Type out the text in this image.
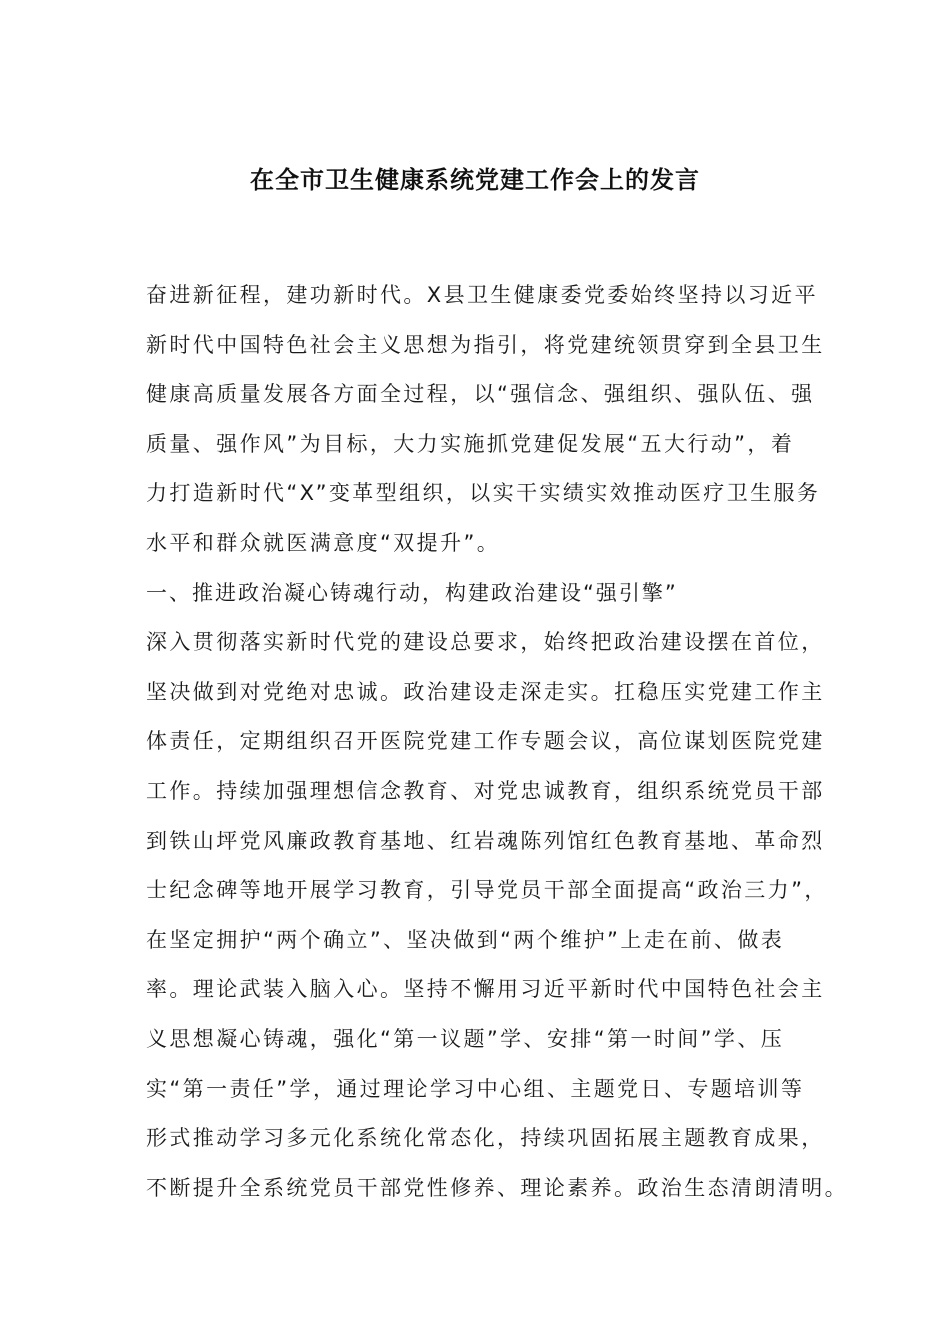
在全市卫生健康系统党建工作会上的发言
奋进新征程，建功新时代。X县卫生健康委党委始终坚持以习近平
新时代中国特色社会主义思想为指引，将党建统领贯穿到全县卫生
健康高质量发展各方面全过程，以“强信念、强组织、强队伍、强
质量、强作风”为目标，大力实施抓党建促发展“五大行动”，着
力打造新时代“X”变革型组织，以实干实绩实效推动医疗卫生服务
水平和群众就医满意度“双提升”。
一、推进政治凝心铸魂行动，构建政治建设“强引擎”
深入贯彻落实新时代党的建设总要求，始终把政治建设摆在首位，
坚决做到对党绝对忠诚。政治建设走深走实。扛稳压实党建工作主
体责任，定期组织召开医院党建工作专题会议，高位谋划医院党建
工作。持续加强理想信念教育、对党忠诚教育，组织系统党员干部
到铁山坪党风廉政教育基地、红岩魂陈列馆红色教育基地、革命烈
士纪念碑等地开展学习教育，引导党员干部全面提高“政治三力”，
在坚定拥护“两个确立”、坚决做到“两个维护”上走在前、做表
率。理论武装入脑入心。坚持不懈用习近平新时代中国特色社会主
义思想凝心铸魂，强化“第一议题”学、安排“第一时间”学、压
实“第一责任”学，通过理论学习中心组、主题党日、专题培训等
形式推动学习多元化系统化常态化，持续巩固拓展主题教育成果，
不断提升全系统党员干部党性修养、理论素养。政治生态清朗清明。
